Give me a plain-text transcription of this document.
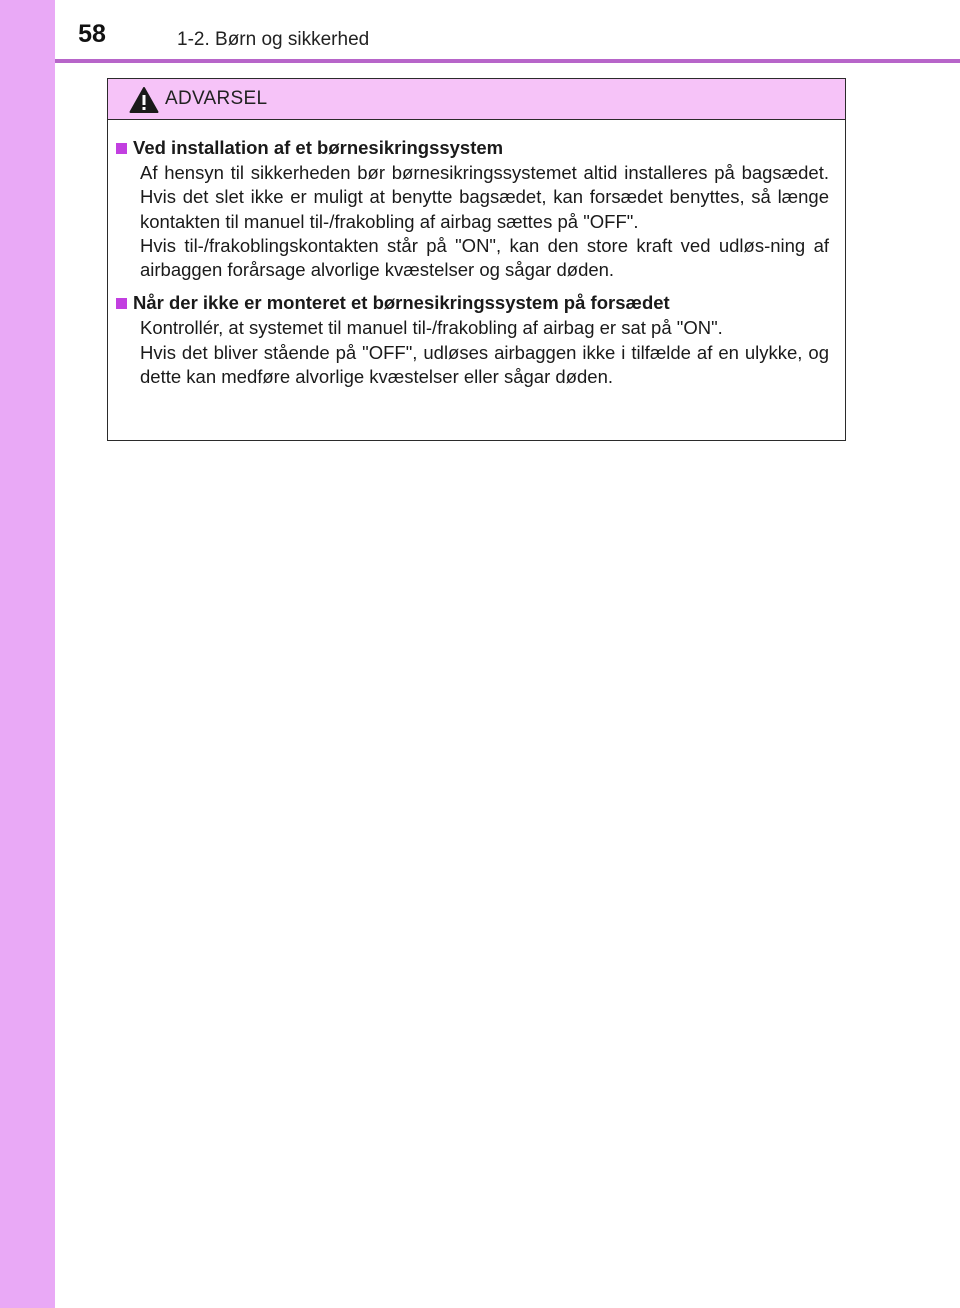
58	1-2. Børn og sikkerhed
ADVARSEL
Ved installation af et børnesikringssystem

Af hensyn til sikkerheden bør børnesikringssystemet altid installeres på bagsædet. Hvis det slet ikke er muligt at benytte bagsædet, kan forsædet benyttes, så længe kontakten til manuel til-/frakobling af airbag sættes på "OFF".

Hvis til-/frakoblingskontakten står på "ON", kan den store kraft ved udløs-ning af airbaggen forårsage alvorlige kvæstelser og sågar døden.

Når der ikke er monteret et børnesikringssystem på forsædet

Kontrollér, at systemet til manuel til-/frakobling af airbag er sat på "ON".

Hvis det bliver stående på "OFF", udløses airbaggen ikke i tilfælde af en ulykke, og dette kan medføre alvorlige kvæstelser eller sågar døden.
